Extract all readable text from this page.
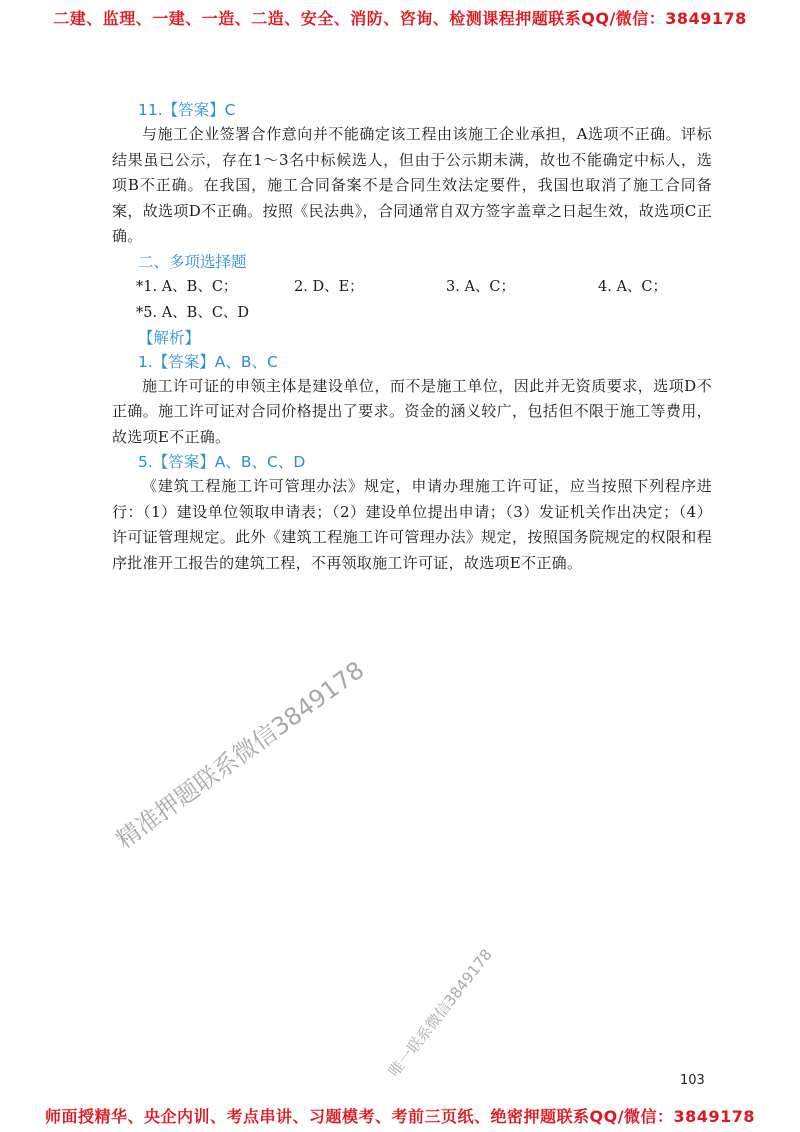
二建、监理、一建、一造、二造、安全、消防、咨询、检测课程押题联系QQ/微信：3849178
11.【答案】C

与施工企业签署合作意向并不能确定该工程由该施工企业承担，A选项不正确。评标结果虽已公示，存在1～3名中标候选人，但由于公示期未满，故也不能确定中标人，选项B不正确。在我国，施工合同备案不是合同生效法定要件，我国也取消了施工合同备案，故选项D不正确。按照《民法典》，合同通常自双方签字盖章之日起生效，故选项C正确。

二、多项选择题
*1. A、B、C；	2. D、E；	3. A、C；	4. A、C；
*5. A、B、C、D
【解析】
1.【答案】A、B、C

施工许可证的申领主体是建设单位，而不是施工单位，因此并无资质要求，选项D不正确。施工许可证对合同价格提出了要求。资金的涵义较广，包括但不限于施工等费用，故选项E不正确。

5.【答案】A、B、C、D

《建筑工程施工许可管理办法》规定，申请办理施工许可证，应当按照下列程序进行：（1）建设单位领取申请表；（2）建设单位提出申请；（3）发证机关作出决定；（4）许可证管理规定。此外《建筑工程施工许可管理办法》规定，按照国务院规定的权限和程序批准开工报告的建筑工程，不再领取施工许可证，故选项E不正确。

精准押题联系微信3849178
唯一联系微信3849178
103
师面授精华、央企内训、考点串讲、习题模考、考前三页纸、绝密押题联系QQ/微信：3849178
